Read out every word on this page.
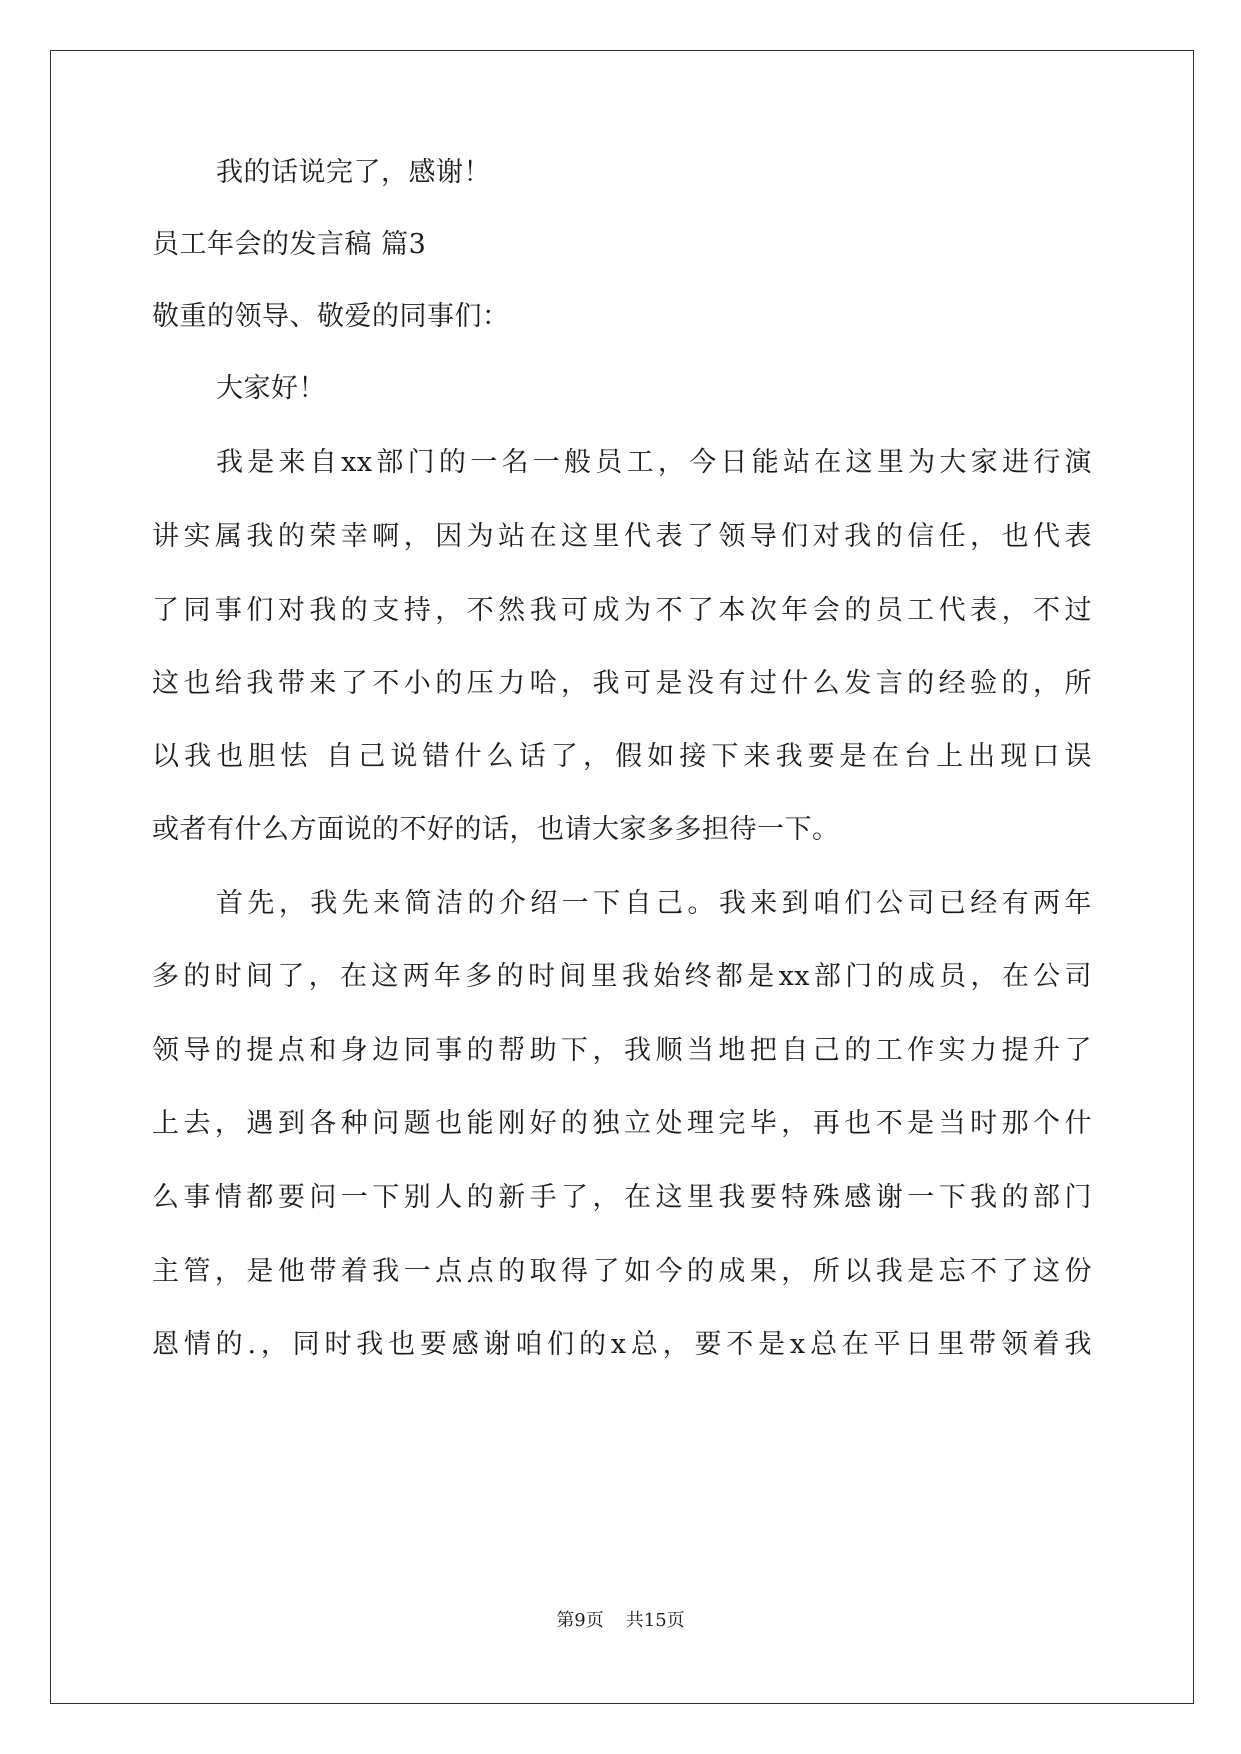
我的话说完了，感谢！
员工年会的发言稿 篇3
敬重的领导、敬爱的同事们：
大家好！
我是来自xx部门的一名一般员工，今日能站在这里为大家进行演
讲实属我的荣幸啊，因为站在这里代表了领导们对我的信任，也代表
了同事们对我的支持，不然我可成为不了本次年会的员工代表，不过
这也给我带来了不小的压力哈，我可是没有过什么发言的经验的，所
以我也胆怯 自己说错什么话了，假如接下来我要是在台上出现口误
或者有什么方面说的不好的话，也请大家多多担待一下。
首先，我先来简洁的介绍一下自己。我来到咱们公司已经有两年
多的时间了，在这两年多的时间里我始终都是xx部门的成员，在公司
领导的提点和身边同事的帮助下，我顺当地把自己的工作实力提升了
上去，遇到各种问题也能刚好的独立处理完毕，再也不是当时那个什
么事情都要问一下别人的新手了，在这里我要特殊感谢一下我的部门
主管，是他带着我一点点的取得了如今的成果，所以我是忘不了这份
恩情的.，同时我也要感谢咱们的x总，要不是x总在平日里带领着我
第9页 共15页
